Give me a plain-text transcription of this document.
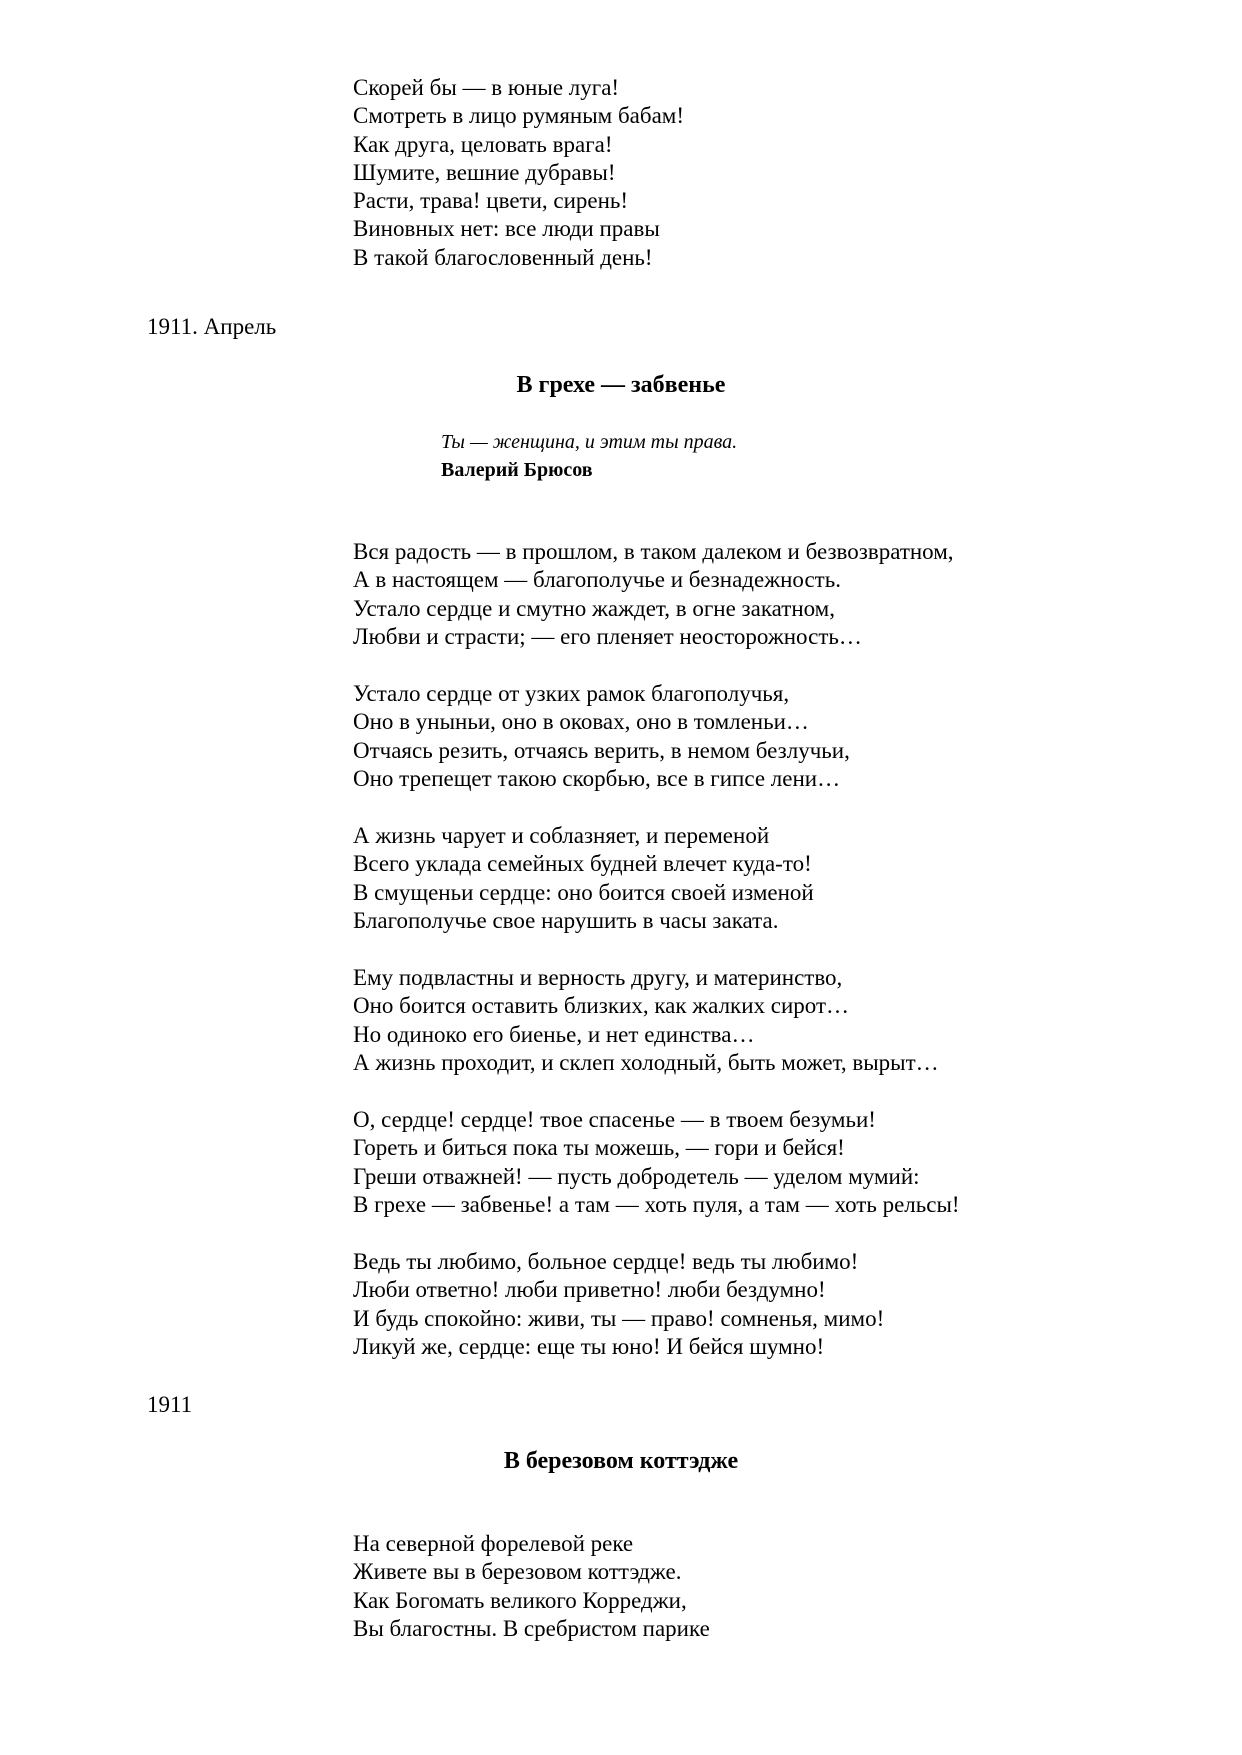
Скорей бы — в юные луга!
Смотреть в лицо румяным бабам!
Как друга, целовать врага!
Шумите, вешние дубравы!
Расти, трава! цвети, сирень!
Виновных нет: все люди правы
В такой благословенный день!
1911. Апрель
В грехе — забвенье
Ты — женщина, и этим ты права.
Валерий Брюсов
Вся радость — в прошлом, в таком далеком и безвозвратном,
А в настоящем — благополучье и безнадежность.
Устало сердце и смутно жаждет, в огне закатном,
Любви и страсти; — его пленяет неосторожность…
Устало сердце от узких рамок благополучья,
Оно в уныньи, оно в оковах, оно в томленьи…
Отчаясь резить, отчаясь верить, в немом безлучьи,
Оно трепещет такою скорбью, все в гипсе лени…
А жизнь чарует и соблазняет, и переменой
Всего уклада семейных будней влечет куда-то!
В смущеньи сердце: оно боится своей изменой
Благополучье свое нарушить в часы заката.
Ему подвластны и верность другу, и материнство,
Оно боится оставить близких, как жалких сирот…
Но одиноко его биенье, и нет единства…
А жизнь проходит, и склеп холодный, быть может, вырыт…
О, сердце! сердце! твое спасенье — в твоем безумьи!
Гореть и биться пока ты можешь, — гори и бейся!
Греши отважней! — пусть добродетель — уделом мумий:
В грехе — забвенье! а там — хоть пуля, а там — хоть рельсы!
Ведь ты любимо, больное сердце! ведь ты любимо!
Люби ответно! люби приветно! люби бездумно!
И будь спокойно: живи, ты — право! сомненья, мимо!
Ликуй же, сердце: еще ты юно! И бейся шумно!
1911
В березовом коттэдже
На северной форелевой реке
Живете вы в березовом коттэдже.
Как Богомать великого Корреджи,
Вы благостны. В сребристом парике
